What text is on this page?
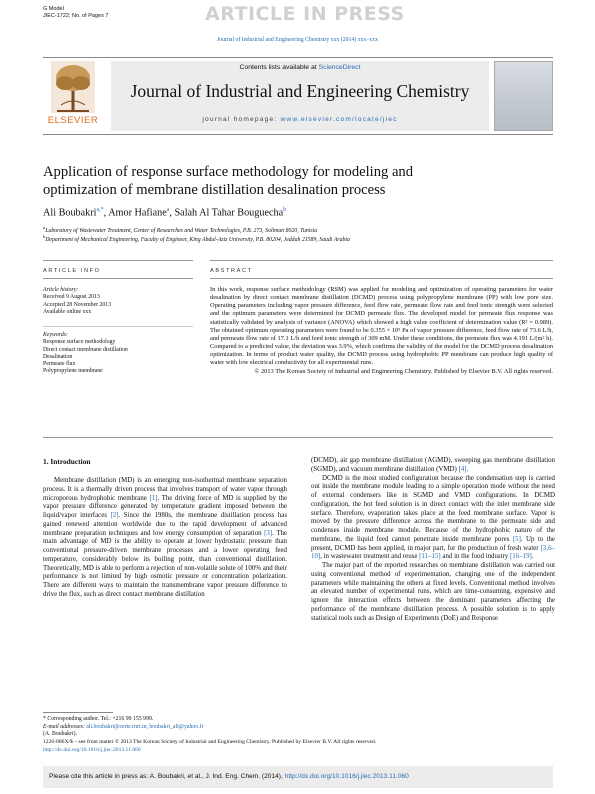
G Model
JIEC-1722; No. of Pages 7	ARTICLE IN PRESS
Journal of Industrial and Engineering Chemistry xxx (2014) xxx–xxx
ELSEVIER
Contents lists available at ScienceDirect
Journal of Industrial and Engineering Chemistry
journal homepage: www.elsevier.com/locate/jiec
Application of response surface methodology for modeling and
optimization of membrane distillation desalination process
Ali Boubakri$^{a,*}$, Amor Hafiane$^a$, Salah Al Tahar Bouguecha$^b$
$^a$Laboratory of Wastewater Treatment, Center of Researches and Water Technologies, P.B. 273, Soliman 8020, Tunisia
$^b$Department of Mechanical Engineering, Faculty of Engineer, King Abdul-Aziz University, P.B. 80204, Jeddah 21589, Saudi Arabia
ARTICLE INFO	ABSTRACT
Article history:
Received 9 August 2013
Accepted 28 November 2013
Available online xxx
Keywords:
Response surface methodology
Direct contact membrane distillation
Desalination
Permeate flux
Polypropylene membrane
In this work, response surface methodology (RSM) was applied for modeling and optimization of operating parameters for water desalination by direct contact membrane distillation (DCMD) process using polypropylene membrane (PP) with low pore size. Operating parameters including vapor pressure difference, feed flow rate, permeate flow rate and feed ionic strength were selected and the optimum parameters were determined for DCMD permeate flux. The developed model for permeate flux response was statistically validated by analysis of variance (ANOVA) which showed a high value coefficient of determination value (R² = 0.989). The obtained optimum operating parameters were found to be 0.355 × 10⁵ Pa of vapor pressure difference, feed flow rate of 73.6 L/h, and permeate flow rate of 17.1 L/h and feed ionic strength of 309 mM. Under these conditions, the permeate flux was 4.191 L/(m² h). Compared to a predicted value, the deviation was 3.9%, which confirms the validity of the model for the DCMD process desalination optimization. In terms of product water quality, the DCMD process using hydrophobic PP membrane can produce high quality of water with low electrical conductivity for all experimental runs.
© 2013 The Korean Society of Industrial and Engineering Chemistry. Published by Elsevier B.V. All rights reserved.
1. Introduction

Membrane distillation (MD) is an emerging non-isothermal membrane separation process. It is a thermally driven process that involves transport of water vapor through microporous hydrophobic membrane [1]. The driving force of MD is supplied by the vapor pressure difference generated by temperature gradient imposed between the liquid/vapor interfaces [2]. Since the 1980s, the membrane distillation process has gained renewed attention worldwide due to the rapid development of advanced membrane preparation techniques and low energy consumption of separation [3]. The main advantage of MD is the ability to operate at lower hydrostatic pressure than conventional pressure-driven membrane processes and a lower operating feed temperature, considerably below its boiling point, than conventional distillation. Theoretically, MD is able to perform a rejection of non-volatile solute of 100% and their performance is not limited by high osmotic pressure or concentration polarization. There are different ways to maintain the transmembrane vapor pressure difference to drive the flux, such as direct contact membrane distillation

(DCMD), air gap membrane distillation (AGMD), sweeping gas membrane distillation (SGMD), and vacuum membrane distillation (VMD) [4].

DCMD is the most studied configuration because the condensation step is carried out inside the membrane module leading to a simple operation mode without the need of external condensers like in SGMD and VMD configurations. In DCMD configuration, the hot feed solution is in direct contact with the inlet membrane side surface. Therefore, evaporation takes place at the feed membrane surface. Vapor is moved by the pressure difference across the membrane to the permeate side and condenses inside membrane module. Because of the hydrophobic nature of the membrane, the liquid feed cannot penetrate inside membrane pores [5]. Up to the present, DCMD has been applied, in major part, for the production of fresh water [3,6–10], in wastewater treatment and reuse [11–15] and in the food industry [16–19].

The major part of the reported researches on membrane distillation was carried out using conventional method of experimentation, changing one of the independent parameters while maintaining the others at fixed levels. Conventional method involves an elevated number of experimental runs, which are time-consuming, expensive and ignore the interaction effects between the dominant parameters affecting the performance of the membrane distillation process. A possible solution is to apply statistical tools such as Design of Experiments (DoE) and Response

* Corresponding author. Tel.: +216 99 155 999.
E-mail addresses: ali.boubakri@certe.rnrt.tn, boubakri_ali@yahoo.fr
(A. Boubakri).
1226-086X/$ – see front matter © 2013 The Korean Society of Industrial and Engineering Chemistry. Published by Elsevier B.V. All rights reserved.
http://dx.doi.org/10.1016/j.jiec.2013.11.060
Please cite this article in press as: A. Boubakri, et al., J. Ind. Eng. Chem. (2014), http://dx.doi.org/10.1016/j.jiec.2013.11.060
